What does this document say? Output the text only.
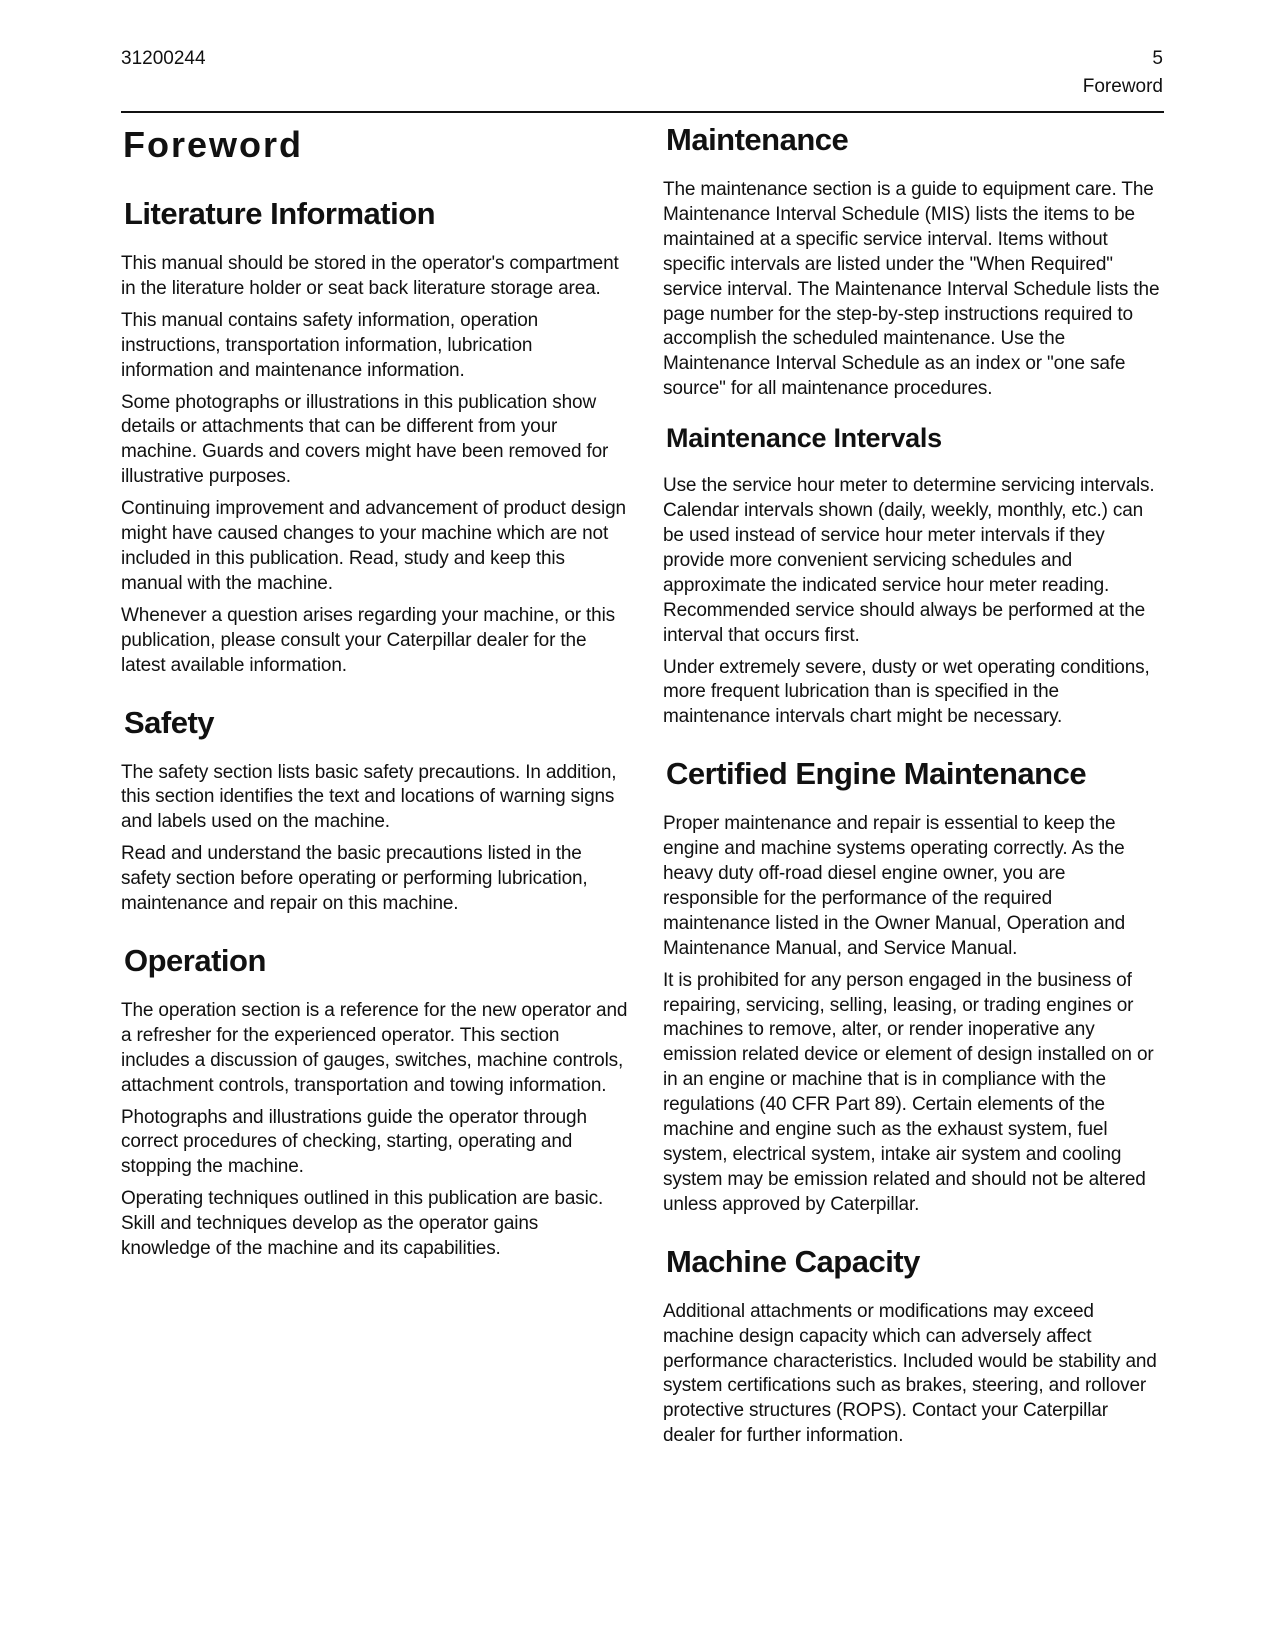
31200244	5
Foreword
Foreword
Literature Information

This manual should be stored in the operator's compartment in the literature holder or seat back literature storage area.

This manual contains safety information, operation instructions, transportation information, lubrication information and maintenance information.

Some photographs or illustrations in this publication show details or attachments that can be different from your machine. Guards and covers might have been removed for illustrative purposes.

Continuing improvement and advancement of product design might have caused changes to your machine which are not included in this publication. Read, study and keep this manual with the machine.

Whenever a question arises regarding your machine, or this publication, please consult your Caterpillar dealer for the latest available information.

Safety

The safety section lists basic safety precautions. In addition, this section identifies the text and locations of warning signs and labels used on the machine.

Read and understand the basic precautions listed in the safety section before operating or performing lubrication, maintenance and repair on this machine.

Operation

The operation section is a reference for the new operator and a refresher for the experienced operator. This section includes a discussion of gauges, switches, machine controls, attachment controls, transportation and towing information.

Photographs and illustrations guide the operator through correct procedures of checking, starting, operating and stopping the machine.

Operating techniques outlined in this publication are basic. Skill and techniques develop as the operator gains knowledge of the machine and its capabilities.

Maintenance

The maintenance section is a guide to equipment care. The Maintenance Interval Schedule (MIS) lists the items to be maintained at a specific service interval. Items without specific intervals are listed under the "When Required" service interval. The Maintenance Interval Schedule lists the page number for the step-by-step instructions required to accomplish the scheduled maintenance. Use the Maintenance Interval Schedule as an index or "one safe source" for all maintenance procedures.

Maintenance Intervals

Use the service hour meter to determine servicing intervals. Calendar intervals shown (daily, weekly, monthly, etc.) can be used instead of service hour meter intervals if they provide more convenient servicing schedules and approximate the indicated service hour meter reading. Recommended service should always be performed at the interval that occurs first.

Under extremely severe, dusty or wet operating conditions, more frequent lubrication than is specified in the maintenance intervals chart might be necessary.

Certified Engine Maintenance

Proper maintenance and repair is essential to keep the engine and machine systems operating correctly. As the heavy duty off-road diesel engine owner, you are responsible for the performance of the required maintenance listed in the Owner Manual, Operation and Maintenance Manual, and Service Manual.

It is prohibited for any person engaged in the business of repairing, servicing, selling, leasing, or trading engines or machines to remove, alter, or render inoperative any emission related device or element of design installed on or in an engine or machine that is in compliance with the regulations (40 CFR Part 89). Certain elements of the machine and engine such as the exhaust system, fuel system, electrical system, intake air system and cooling system may be emission related and should not be altered unless approved by Caterpillar.

Machine Capacity

Additional attachments or modifications may exceed machine design capacity which can adversely affect performance characteristics. Included would be stability and system certifications such as brakes, steering, and rollover protective structures (ROPS). Contact your Caterpillar dealer for further information.
